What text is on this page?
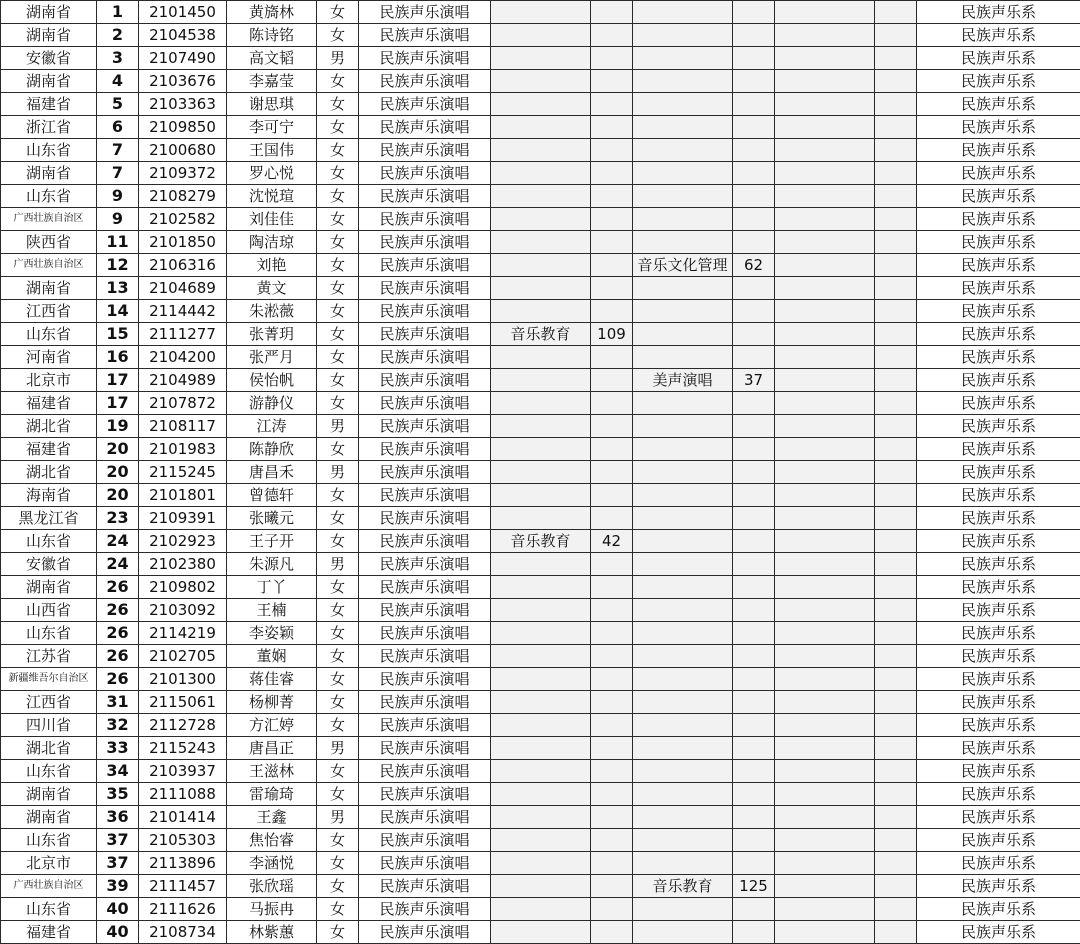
湖南省	1	2101450	黄旖林	女	民族声乐演唱							民族声乐系
湖南省	2	2104538	陈诗铭	女	民族声乐演唱							民族声乐系
安徽省	3	2107490	高文韬	男	民族声乐演唱							民族声乐系
湖南省	4	2103676	李嘉莹	女	民族声乐演唱							民族声乐系
福建省	5	2103363	谢思琪	女	民族声乐演唱							民族声乐系
浙江省	6	2109850	李可宁	女	民族声乐演唱							民族声乐系
山东省	7	2100680	王国伟	女	民族声乐演唱							民族声乐系
湖南省	7	2109372	罗心悦	女	民族声乐演唱							民族声乐系
山东省	9	2108279	沈悦瑄	女	民族声乐演唱							民族声乐系
广西壮族自治区	9	2102582	刘佳佳	女	民族声乐演唱							民族声乐系
陕西省	11	2101850	陶洁琼	女	民族声乐演唱							民族声乐系
广西壮族自治区	12	2106316	刘艳	女	民族声乐演唱			音乐文化管理	62			民族声乐系
湖南省	13	2104689	黄文	女	民族声乐演唱							民族声乐系
江西省	14	2114442	朱淞薇	女	民族声乐演唱							民族声乐系
山东省	15	2111277	张菁玥	女	民族声乐演唱	音乐教育	109					民族声乐系
河南省	16	2104200	张严月	女	民族声乐演唱							民族声乐系
北京市	17	2104989	侯怡帆	女	民族声乐演唱			美声演唱	37			民族声乐系
福建省	17	2107872	游静仪	女	民族声乐演唱							民族声乐系
湖北省	19	2108117	江涛	男	民族声乐演唱							民族声乐系
福建省	20	2101983	陈静欣	女	民族声乐演唱							民族声乐系
湖北省	20	2115245	唐昌禾	男	民族声乐演唱							民族声乐系
海南省	20	2101801	曾德轩	女	民族声乐演唱							民族声乐系
黑龙江省	23	2109391	张曦元	女	民族声乐演唱							民族声乐系
山东省	24	2102923	王子开	女	民族声乐演唱	音乐教育	42					民族声乐系
安徽省	24	2102380	朱源凡	男	民族声乐演唱							民族声乐系
湖南省	26	2109802	丁丫	女	民族声乐演唱							民族声乐系
山西省	26	2103092	王楠	女	民族声乐演唱							民族声乐系
山东省	26	2114219	李姿颖	女	民族声乐演唱							民族声乐系
江苏省	26	2102705	董娴	女	民族声乐演唱							民族声乐系
新疆维吾尔自治区	26	2101300	蒋佳睿	女	民族声乐演唱							民族声乐系
江西省	31	2115061	杨柳菁	女	民族声乐演唱							民族声乐系
四川省	32	2112728	方汇婷	女	民族声乐演唱							民族声乐系
湖北省	33	2115243	唐昌正	男	民族声乐演唱							民族声乐系
山东省	34	2103937	王滋林	女	民族声乐演唱							民族声乐系
湖南省	35	2111088	雷瑜琦	女	民族声乐演唱							民族声乐系
湖南省	36	2101414	王鑫	男	民族声乐演唱							民族声乐系
山东省	37	2105303	焦怡睿	女	民族声乐演唱							民族声乐系
北京市	37	2113896	李涵悦	女	民族声乐演唱							民族声乐系
广西壮族自治区	39	2111457	张欣瑶	女	民族声乐演唱			音乐教育	125			民族声乐系
山东省	40	2111626	马振冉	女	民族声乐演唱							民族声乐系
福建省	40	2108734	林紫蕙	女	民族声乐演唱							民族声乐系
